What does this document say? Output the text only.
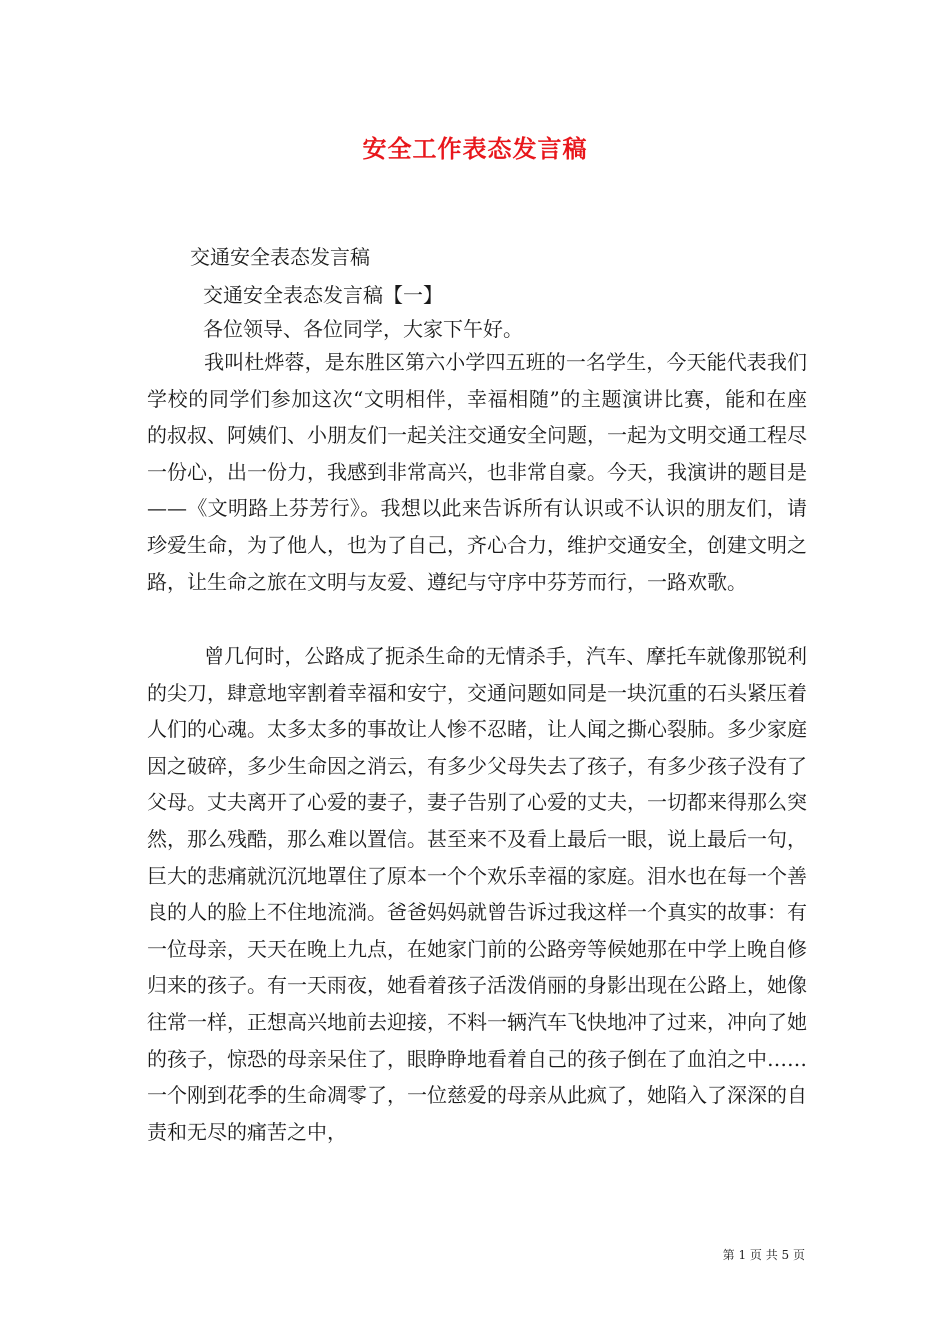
安全工作表态发言稿
交通安全表态发言稿
交通安全表态发言稿【一】
各位领导、各位同学，大家下午好。

我叫杜烨蓉，是东胜区第六小学四五班的一名学生，今天能代表我们学校的同学们参加这次“文明相伴，幸福相随”的主题演讲比赛，能和在座的叔叔、阿姨们、小朋友们一起关注交通安全问题，一起为文明交通工程尽一份心，出一份力，我感到非常高兴，也非常自豪。今天，我演讲的题目是——《文明路上芬芳行》。我想以此来告诉所有认识或不认识的朋友们，请珍爱生命，为了他人，也为了自己，齐心合力，维护交通安全，创建文明之路，让生命之旅在文明与友爱、遵纪与守序中芬芳而行，一路欢歌。

曾几何时，公路成了扼杀生命的无情杀手，汽车、摩托车就像那锐利的尖刀，肆意地宰割着幸福和安宁，交通问题如同是一块沉重的石头紧压着人们的心魂。太多太多的事故让人惨不忍睹，让人闻之撕心裂肺。多少家庭因之破碎，多少生命因之消云，有多少父母失去了孩子，有多少孩子没有了父母。丈夫离开了心爱的妻子，妻子告别了心爱的丈夫，一切都来得那么突然，那么残酷，那么难以置信。甚至来不及看上最后一眼，说上最后一句，巨大的悲痛就沉沉地罩住了原本一个个欢乐幸福的家庭。泪水也在每一个善良的人的脸上不住地流淌。爸爸妈妈就曾告诉过我这样一个真实的故事：有一位母亲，天天在晚上九点，在她家门前的公路旁等候她那在中学上晚自修归来的孩子。有一天雨夜，她看着孩子活泼俏丽的身影出现在公路上，她像往常一样，正想高兴地前去迎接，不料一辆汽车飞快地冲了过来，冲向了她的孩子，惊恐的母亲呆住了，眼睁睁地看着自己的孩子倒在了血泊之中……一个刚到花季的生命凋零了，一位慈爱的母亲从此疯了，她陷入了深深的自责和无尽的痛苦之中，

第 1 页 共 5 页
